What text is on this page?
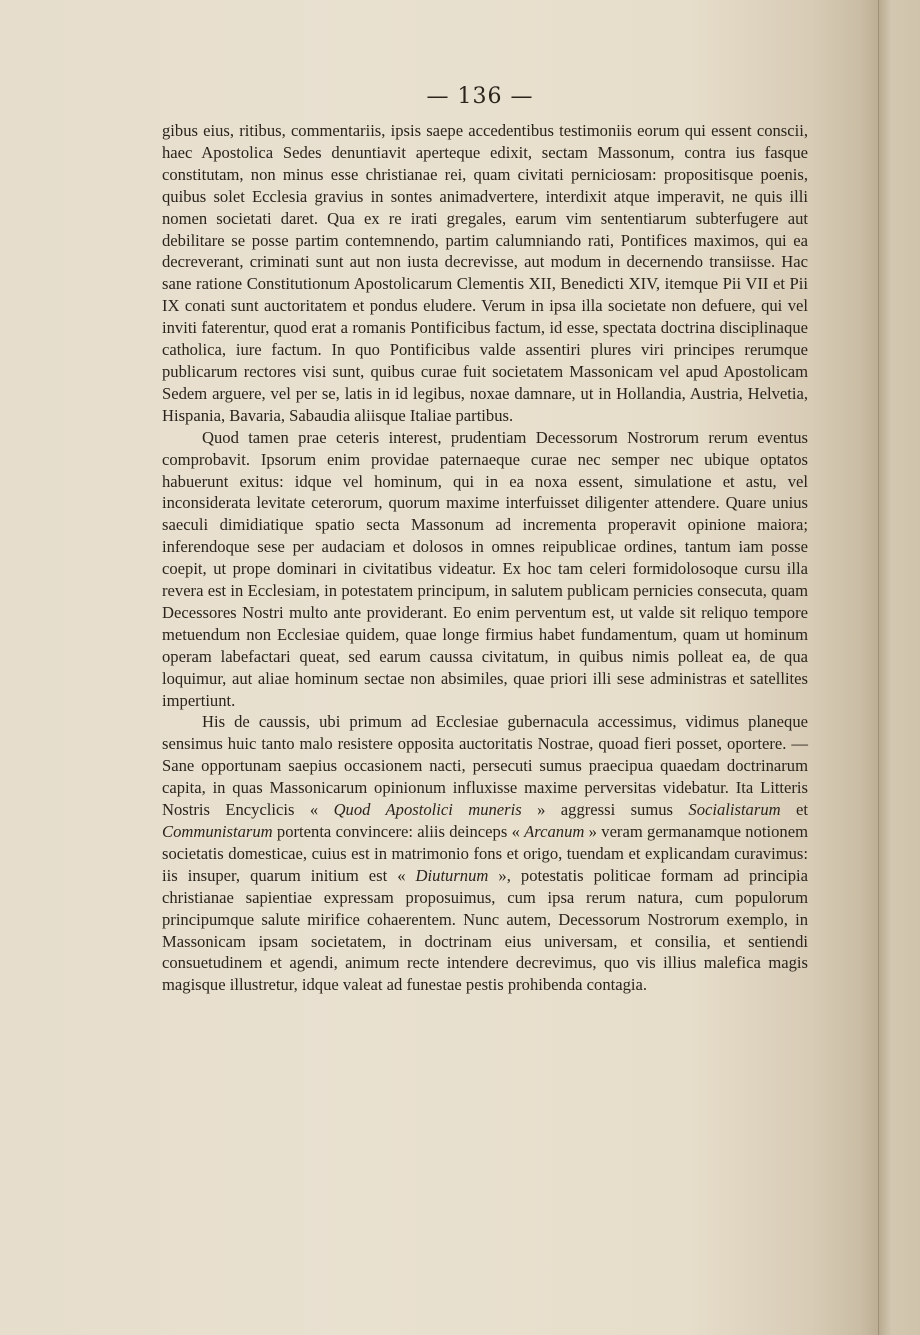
— 136 —

gibus eius, ritibus, commentariis, ipsis saepe accedentibus testimoniis eorum qui essent conscii, haec Apostolica Sedes denuntiavit aperteque edixit, sectam Massonum, contra ius fasque constitutam, non minus esse christianae rei, quam civitati perniciosam: propositisque poenis, quibus solet Ecclesia gravius in sontes animadvertere, interdixit atque imperavit, ne quis illi nomen societati daret. Qua ex re irati gregales, earum vim sententiarum subterfugere aut debilitare se posse partim contemnendo, partim calumniando rati, Pontifices maximos, qui ea decreverant, criminati sunt aut non iusta decrevisse, aut modum in decernendo transiisse. Hac sane ratione Constitutionum Apostolicarum Clementis XII, Benedicti XIV, itemque Pii VII et Pii IX conati sunt auctoritatem et pondus eludere. Verum in ipsa illa societate non defuere, qui vel inviti faterentur, quod erat a romanis Pontificibus factum, id esse, spectata doctrina disciplinaque catholica, iure factum. In quo Pontificibus valde assentiri plures viri principes rerumque publicarum rectores visi sunt, quibus curae fuit societatem Massonicam vel apud Apostolicam Sedem arguere, vel per se, latis in id legibus, noxae damnare, ut in Hollandia, Austria, Helvetia, Hispania, Bavaria, Sabaudia aliisque Italiae partibus.

Quod tamen prae ceteris interest, prudentiam Decessorum Nostrorum rerum eventus comprobavit. Ipsorum enim providae paternaeque curae nec semper nec ubique optatos habuerunt exitus: idque vel hominum, qui in ea noxa essent, simulatione et astu, vel inconsiderata levitate ceterorum, quorum maxime interfuisset diligenter attendere. Quare unius saeculi dimidiatique spatio secta Massonum ad incrementa properavit opinione maiora; inferendoque sese per audaciam et dolosos in omnes reipublicae ordines, tantum iam posse coepit, ut prope dominari in civitatibus videatur. Ex hoc tam celeri formidolosoque cursu illa revera est in Ecclesiam, in potestatem principum, in salutem publicam pernicies consecuta, quam Decessores Nostri multo ante providerant. Eo enim perventum est, ut valde sit reliquo tempore metuendum non Ecclesiae quidem, quae longe firmius habet fundamentum, quam ut hominum operam labefactari queat, sed earum caussa civitatum, in quibus nimis polleat ea, de qua loquimur, aut aliae hominum sectae non absimiles, quae priori illi sese administras et satellites impertiunt.

His de caussis, ubi primum ad Ecclesiae gubernacula accessimus, vidimus planeque sensimus huic tanto malo resistere opposita auctoritatis Nostrae, quoad fieri posset, oportere. — Sane opportunam saepius occasionem nacti, persecuti sumus praecipua quaedam doctrinarum capita, in quas Massonicarum opinionum influxisse maxime perversitas videbatur. Ita Litteris Nostris Encyclicis « Quod Apostolici muneris » aggressi sumus Socialistarum et Communistarum portenta convincere: aliis deinceps « Arcanum » veram germanamque notionem societatis domesticae, cuius est in matrimonio fons et origo, tuendam et explicandam curavimus: iis insuper, quarum initium est « Diuturnum », potestatis politicae formam ad principia christianae sapientiae expressam proposuimus, cum ipsa rerum natura, cum populorum principumque salute mirifice cohaerentem. Nunc autem, Decessorum Nostrorum exemplo, in Massonicam ipsam societatem, in doctrinam eius universam, et consilia, et sentiendi consuetudinem et agendi, animum recte intendere decrevimus, quo vis illius malefica magis magisque illustretur, idque valeat ad funestae pestis prohibenda contagia.
